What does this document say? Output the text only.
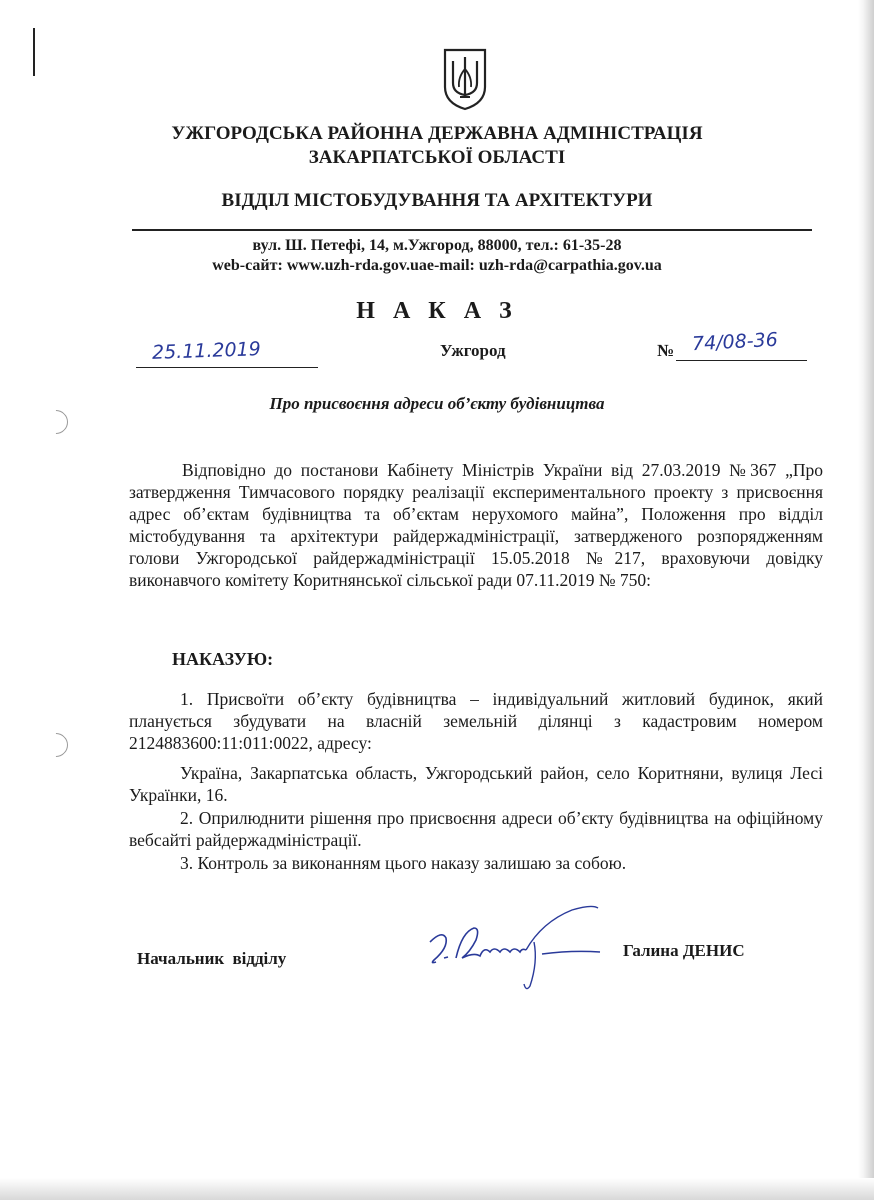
УЖГОРОДСЬКА РАЙОННА ДЕРЖАВНА АДМІНІСТРАЦІЯ
ЗАКАРПАТСЬКОЇ ОБЛАСТІ
ВІДДІЛ МІСТОБУДУВАННЯ ТА АРХІТЕКТУРИ
вул. Ш. Петефі, 14, м.Ужгород, 88000, тел.: 61-35-28
web-сайт: www.uzh-rda.gov.uae-mail: uzh-rda@carpathia.gov.ua
Н А К А З
25.11.2019	Ужгород	№ 74/08-36
Про присвоєння адреси об’єкту будівництва
Відповідно до постанови Кабінету Міністрів України від 27.03.2019 №367 „Про затвердження Тимчасового порядку реалізації експериментального проекту з присвоєння адрес об’єктам будівництва та об’єктам нерухомого майна”, Положення про відділ містобудування та архітектури райдержадміністрації, затвердженого розпорядженням голови Ужгородської райдержадміністрації 15.05.2018 №217, враховуючи довідку виконавчого комітету Коритнянської сільської ради 07.11.2019 № 750:
НАКАЗУЮ:
1. Присвоїти об’єкту будівництва – індивідуальний житловий будинок, який планується збудувати на власній земельній ділянці з кадастровим номером 2124883600:11:011:0022, адресу:
Україна, Закарпатська область, Ужгородський район, село Коритняни, вулиця Лесі Українки, 16.
2. Оприлюднити рішення про присвоєння адреси об’єкту будівництва на офіційному вебсайті райдержадміністрації.
3. Контроль за виконанням цього наказу залишаю за собою.
Начальник відділу	Галина ДЕНИС
